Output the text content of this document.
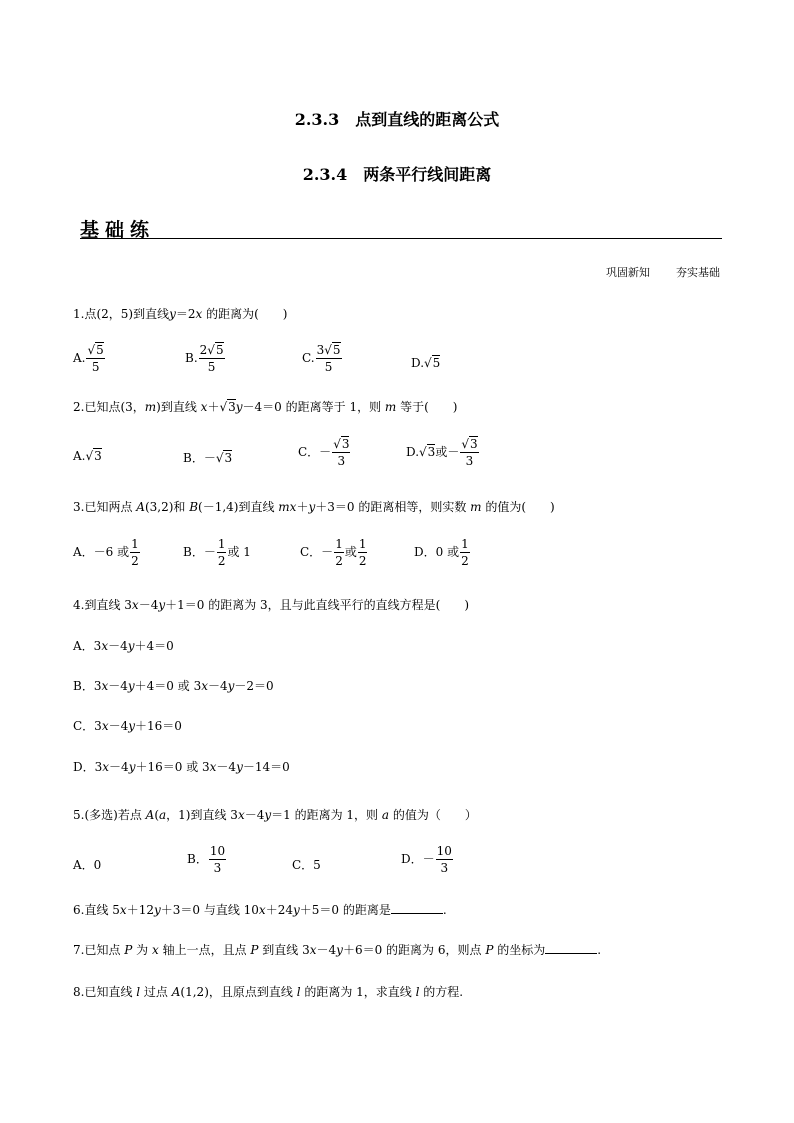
2.3.3 点到直线的距离公式
2.3.4 两条平行线间距离
基础练
巩固新知 夯实基础
1.点(2，5)到直线y＝2x 的距离为(  )
A. $\frac{√5}{5}$	B. $\frac{2√5}{5}$	C. $\frac{3√5}{5}$	D.√5
2.已知点(3，m)到直线 x＋√3y－4＝0 的距离等于 1，则 m 等于(  )
A.√3	B．－√3	C．－ $\frac{√3}{3}$	D.√3或－ $\frac{√3}{3}$
3.已知两点 A(3,2)和 B(－1,4)到直线 mx＋y＋3＝0 的距离相等，则实数 m 的值为(  )
A．－6 或 $\frac{1}{2}$	B．－ $\frac{1}{2}$ 或 1	C．－ $\frac{1}{2}$ 或 $\frac{1}{2}$	D．0 或 $\frac{1}{2}$
4.到直线 3x－4y＋1＝0 的距离为 3，且与此直线平行的直线方程是(  )
A．3x－4y＋4＝0
B．3x－4y＋4＝0 或 3x－4y－2＝0
C．3x－4y＋16＝0
D．3x－4y＋16＝0 或 3x－4y－14＝0
5.(多选)若点 A(a，1)到直线 3x－4y＝1 的距离为 1，则 a 的值为（  ）
A．0	B． $\frac{10}{3}$	C．5	D．－ $\frac{10}{3}$
6.直线 5x＋12y＋3＝0 与直线 10x＋24y＋5＝0 的距离是	.
7.已知点 P 为 x 轴上一点，且点 P 到直线 3x－4y＋6＝0 的距离为 6，则点 P 的坐标为	.
8.已知直线 l 过点 A(1,2)，且原点到直线 l 的距离为 1，求直线 l 的方程.
